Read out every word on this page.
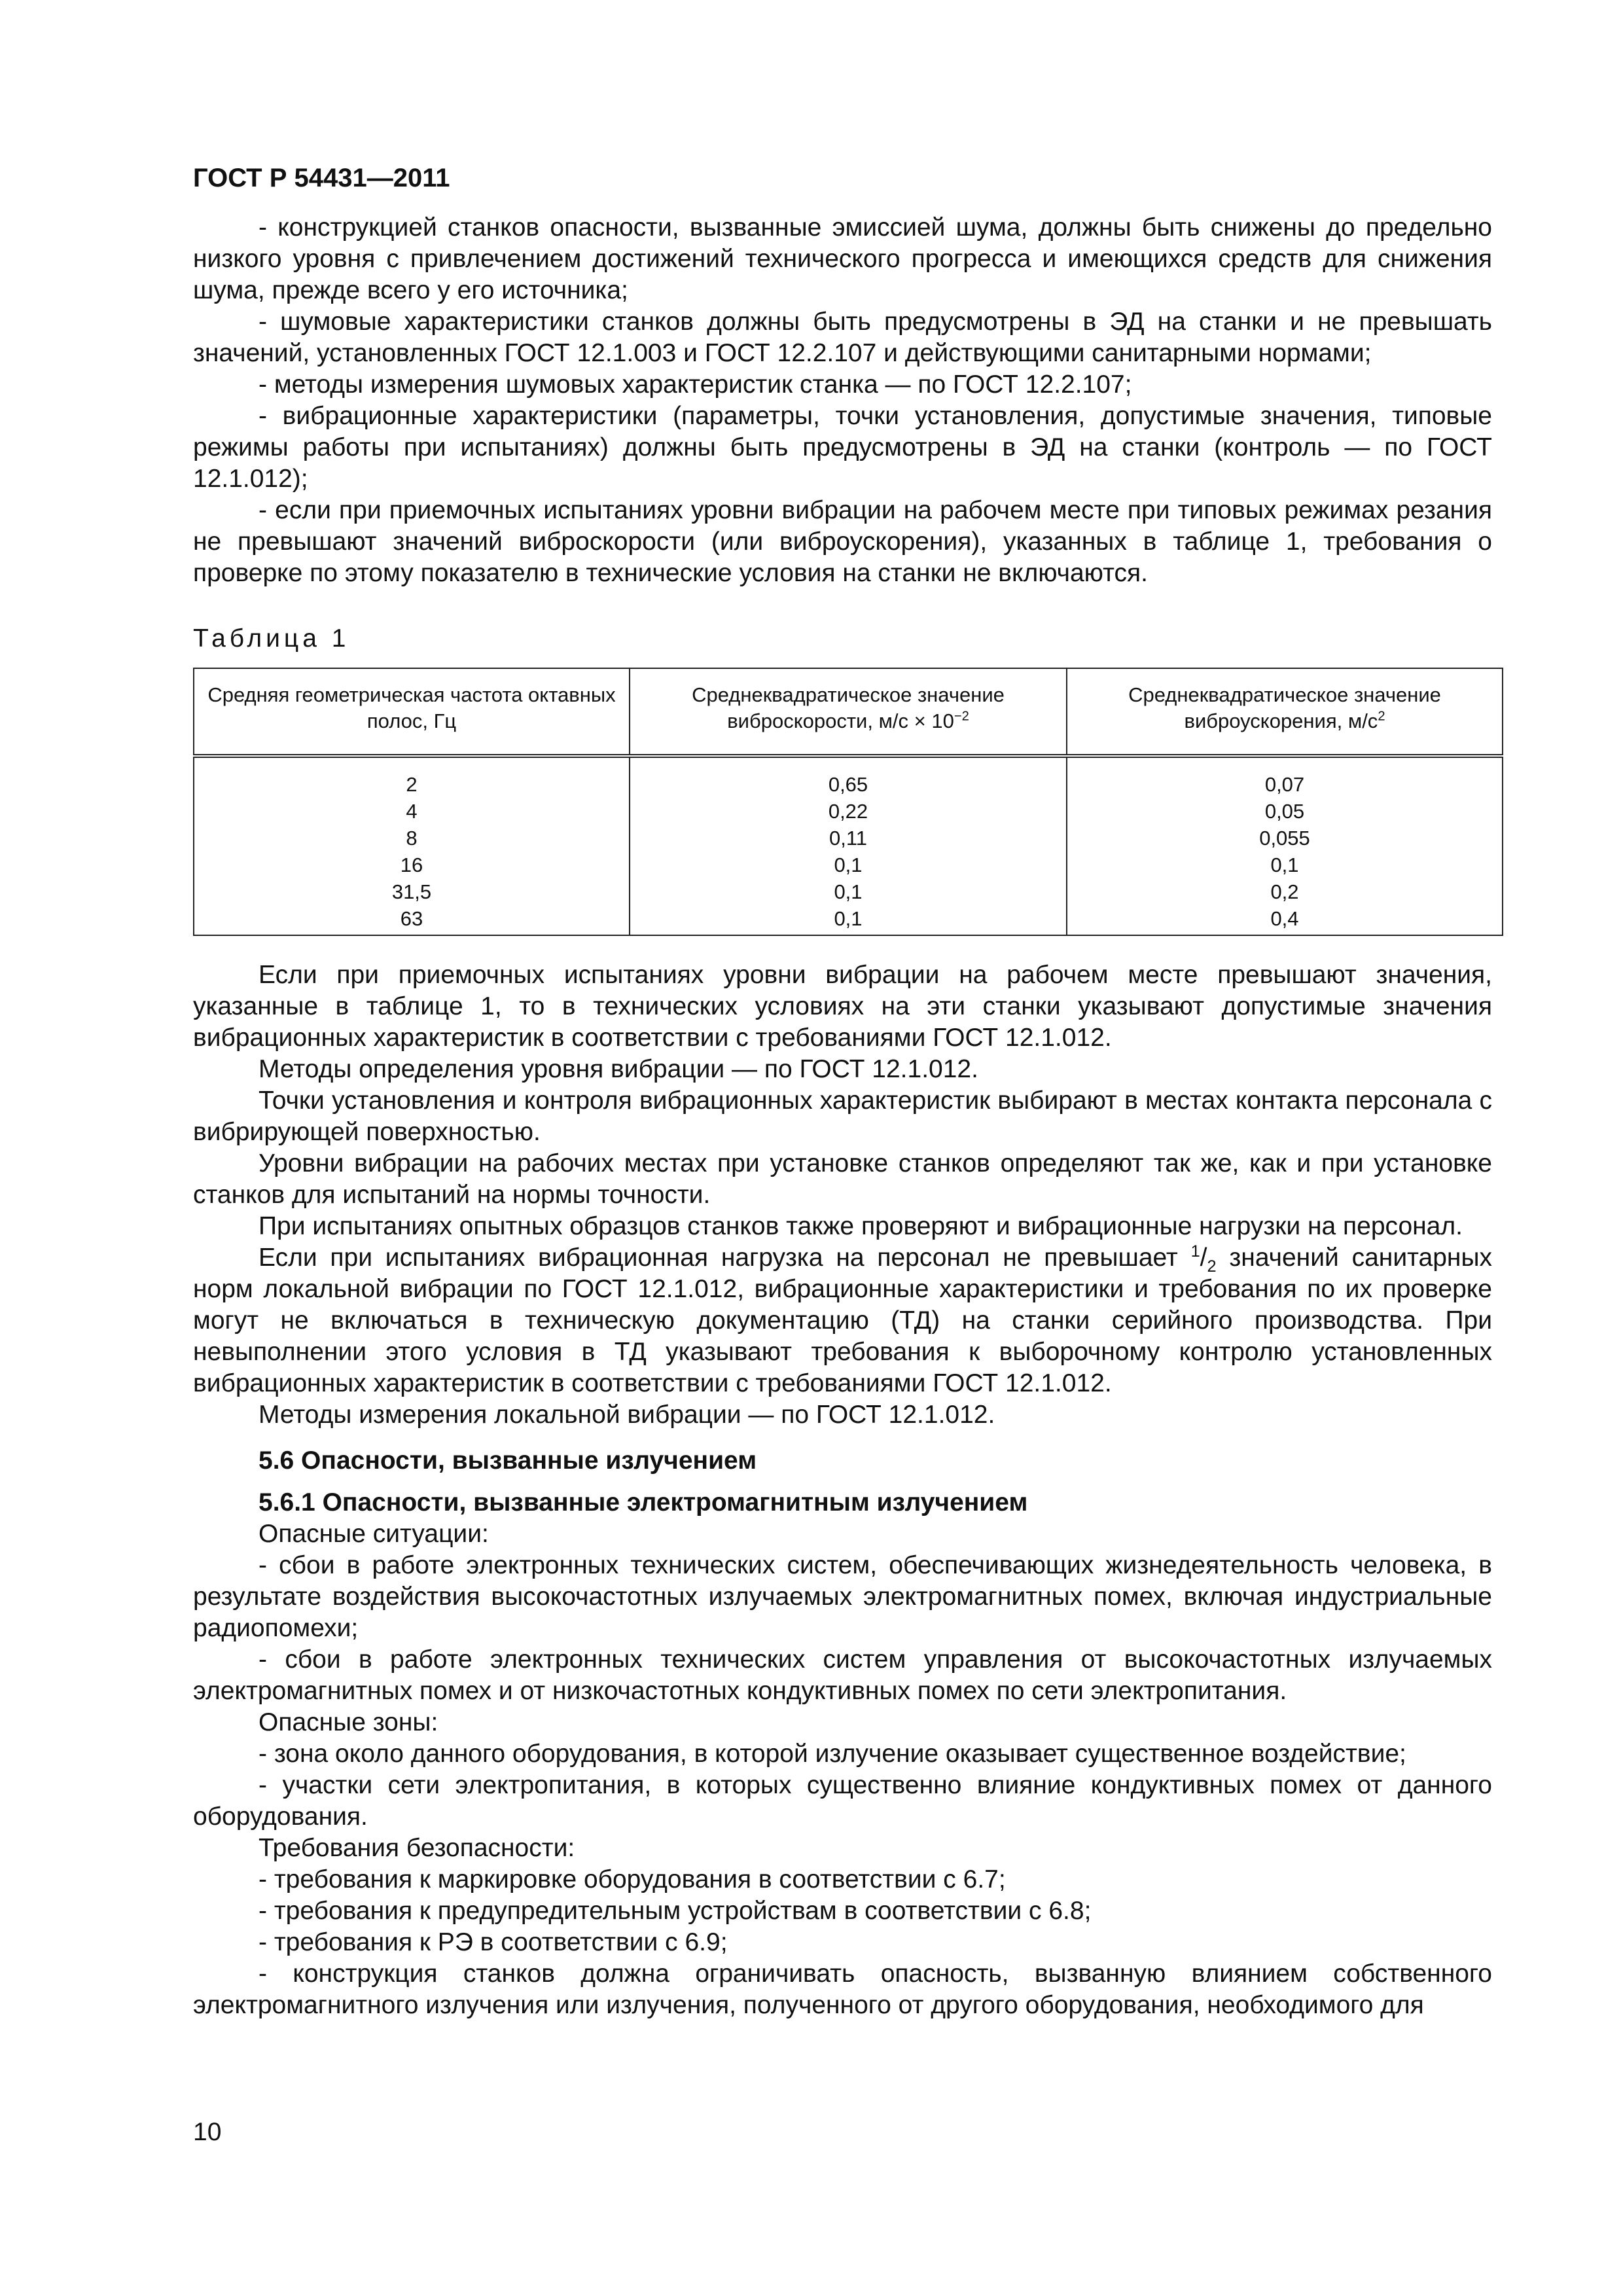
ГОСТ Р 54431—2011

- конструкцией станков опасности, вызванные эмиссией шума, должны быть снижены до предельно низкого уровня с привлечением достижений технического прогресса и имеющихся средств для снижения шума, прежде всего у его источника;

- шумовые характеристики станков должны быть предусмотрены в ЭД на станки и не превышать значений, установленных ГОСТ 12.1.003 и ГОСТ 12.2.107 и действующими санитарными нормами;

- методы измерения шумовых характеристик станка — по ГОСТ 12.2.107;

- вибрационные характеристики (параметры, точки установления, допустимые значения, типовые режимы работы при испытаниях) должны быть предусмотрены в ЭД на станки (контроль — по ГОСТ 12.1.012);

- если при приемочных испытаниях уровни вибрации на рабочем месте при типовых режимах резания не превышают значений виброскорости (или виброускорения), указанных в таблице 1, требования о проверке по этому показателю в технические условия на станки не включаются.

Таблица 1

Средняя геометрическая частота октавных полос, Гц	Среднеквадратическое значение виброскорости, $м/с \times 10^{-2}$	Среднеквадратическое значение виброускорения, $м/с^2$
2	0,65	0,07
4	0,22	0,05
8	0,11	0,055
16	0,1	0,1
31,5	0,1	0,2
63	0,1	0,4

Если при приемочных испытаниях уровни вибрации на рабочем месте превышают значения, указанные в таблице 1, то в технических условиях на эти станки указывают допустимые значения вибрационных характеристик в соответствии с требованиями ГОСТ 12.1.012.

Методы определения уровня вибрации — по ГОСТ 12.1.012.

Точки установления и контроля вибрационных характеристик выбирают в местах контакта персонала с вибрирующей поверхностью.

Уровни вибрации на рабочих местах при установке станков определяют так же, как и при установке станков для испытаний на нормы точности.

При испытаниях опытных образцов станков также проверяют и вибрационные нагрузки на персонал.

Если при испытаниях вибрационная нагрузка на персонал не превышает $^1/_2$ значений санитарных норм локальной вибрации по ГОСТ 12.1.012, вибрационные характеристики и требования по их проверке могут не включаться в техническую документацию (ТД) на станки серийного производства. При невыполнении этого условия в ТД указывают требования к выборочному контролю установленных вибрационных характеристик в соответствии с требованиями ГОСТ 12.1.012.

Методы измерения локальной вибрации — по ГОСТ 12.1.012.

5.6 Опасности, вызванные излучением

5.6.1 Опасности, вызванные электромагнитным излучением

Опасные ситуации:

- сбои в работе электронных технических систем, обеспечивающих жизнедеятельность человека, в результате воздействия высокочастотных излучаемых электромагнитных помех, включая индустриальные радиопомехи;

- сбои в работе электронных технических систем управления от высокочастотных излучаемых электромагнитных помех и от низкочастотных кондуктивных помех по сети электропитания.

Опасные зоны:

- зона около данного оборудования, в которой излучение оказывает существенное воздействие;

- участки сети электропитания, в которых существенно влияние кондуктивных помех от данного оборудования.

Требования безопасности:

- требования к маркировке оборудования в соответствии с 6.7;

- требования к предупредительным устройствам в соответствии с 6.8;

- требования к РЭ в соответствии с 6.9;

- конструкция станков должна ограничивать опасность, вызванную влиянием собственного электромагнитного излучения или излучения, полученного от другого оборудования, необходимого для

10
